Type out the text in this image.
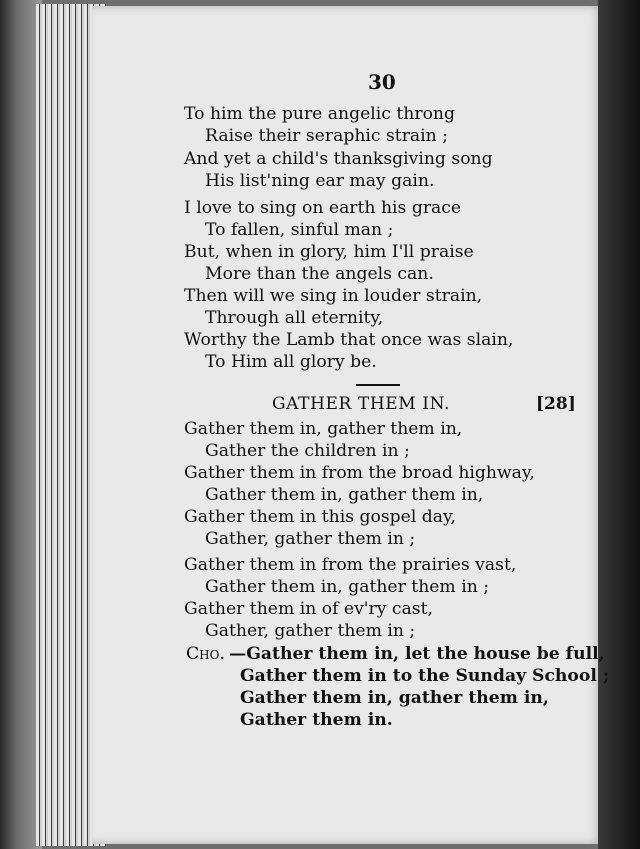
30
To him the pure angelic throng
Raise their seraphic strain ;
And yet a child's thanksgiving song
His list'ning ear may gain.
I love to sing on earth his grace
To fallen, sinful man ;
But, when in glory, him I'll praise
More than the angels can.
Then will we sing in louder strain,
Through all eternity,
Worthy the Lamb that once was slain,
To Him all glory be.
GATHER THEM IN.	[28]
Gather them in, gather them in,
Gather the children in ;
Gather them in from the broad highway,
Gather them in, gather them in,
Gather them in this gospel day,
Gather, gather them in ;
Gather them in from the prairies vast,
Gather them in, gather them in ;
Gather them in of ev'ry cast,
Gather, gather them in ;
Cho. —Gather them in, let the house be full,
Gather them in to the Sunday School ;
Gather them in, gather them in,
Gather them in.
